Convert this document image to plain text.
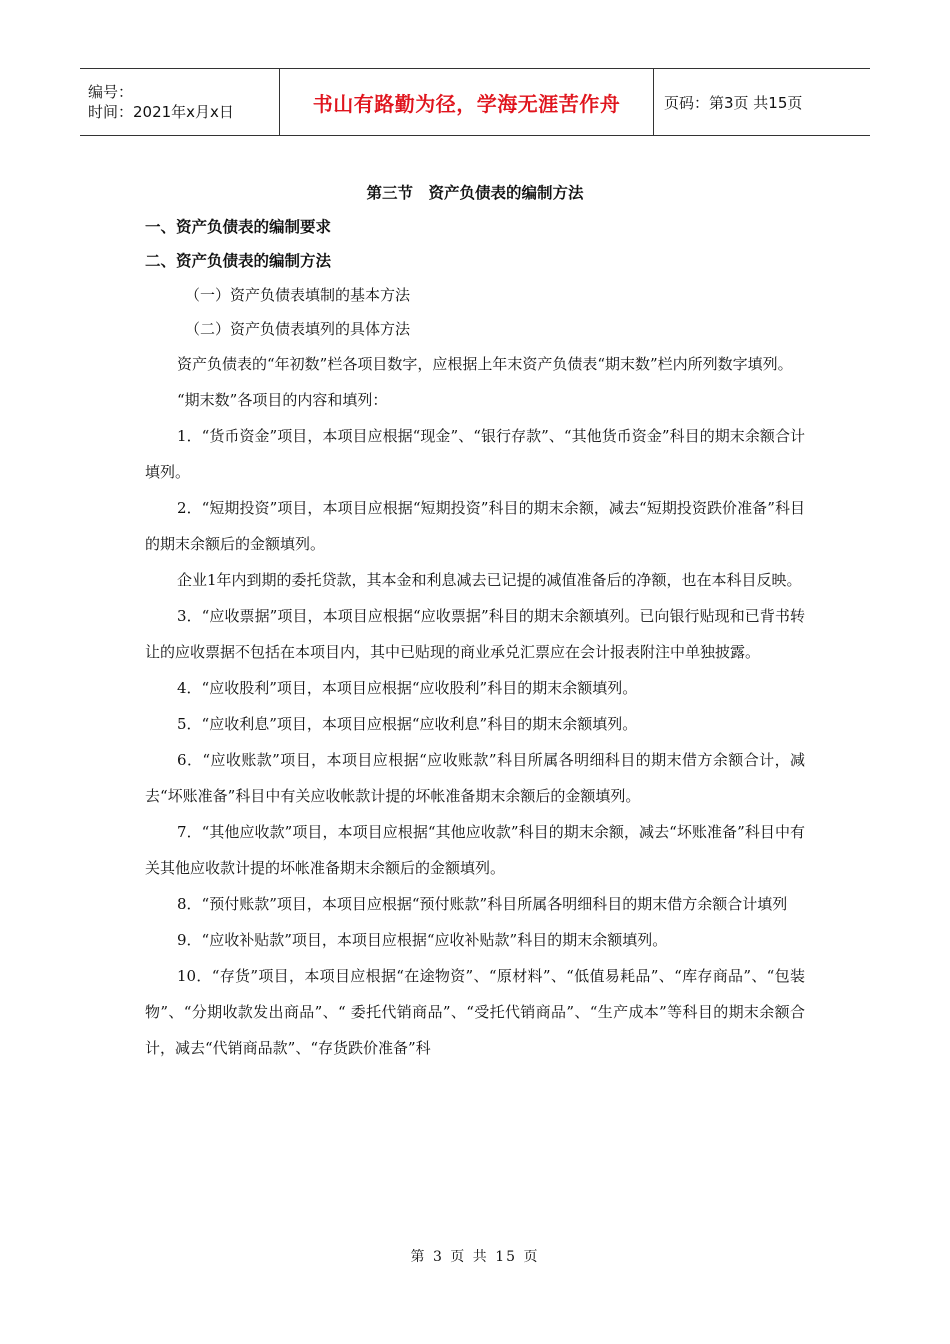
编号：
时间：2021年x月x日	书山有路勤为径，学海无涯苦作舟	页码：第3页 共15页
第三节　资产负债表的编制方法
一、资产负债表的编制要求
二、资产负债表的编制方法
（一）资产负债表填制的基本方法
（二）资产负债表填列的具体方法

资产负债表的“年初数”栏各项目数字，应根据上年末资产负债表“期末数”栏内所列数字填列。

“期末数”各项目的内容和填列：

1．“货币资金”项目，本项目应根据“现金”、“银行存款”、“其他货币资金”科目的期末余额合计填列。

2．“短期投资”项目，本项目应根据“短期投资”科目的期末余额，减去“短期投资跌价准备”科目的期末余额后的金额填列。

企业1年内到期的委托贷款，其本金和利息减去已记提的减值准备后的净额，也在本科目反映。

3．“应收票据”项目，本项目应根据“应收票据”科目的期末余额填列。已向银行贴现和已背书转让的应收票据不包括在本项目内，其中已贴现的商业承兑汇票应在会计报表附注中单独披露。

4．“应收股利”项目，本项目应根据“应收股利”科目的期末余额填列。

5．“应收利息”项目，本项目应根据“应收利息”科目的期末余额填列。

6．“应收账款”项目，本项目应根据“应收账款”科目所属各明细科目的期末借方余额合计，减去“坏账准备”科目中有关应收帐款计提的坏帐准备期末余额后的金额填列。

7．“其他应收款”项目，本项目应根据“其他应收款”科目的期末余额，减去“坏账准备”科目中有关其他应收款计提的坏帐准备期末余额后的金额填列。

8．“预付账款”项目，本项目应根据“预付账款”科目所属各明细科目的期末借方余额合计填列

9．“应收补贴款”项目，本项目应根据“应收补贴款”科目的期末余额填列。

10．“存货”项目，本项目应根据“在途物资”、“原材料”、“低值易耗品”、“库存商品”、“包装物”、“分期收款发出商品”、“ 委托代销商品”、“受托代销商品”、“生产成本”等科目的期末余额合计，减去“代销商品款”、“存货跌价准备”科

第 3 页 共 15 页
